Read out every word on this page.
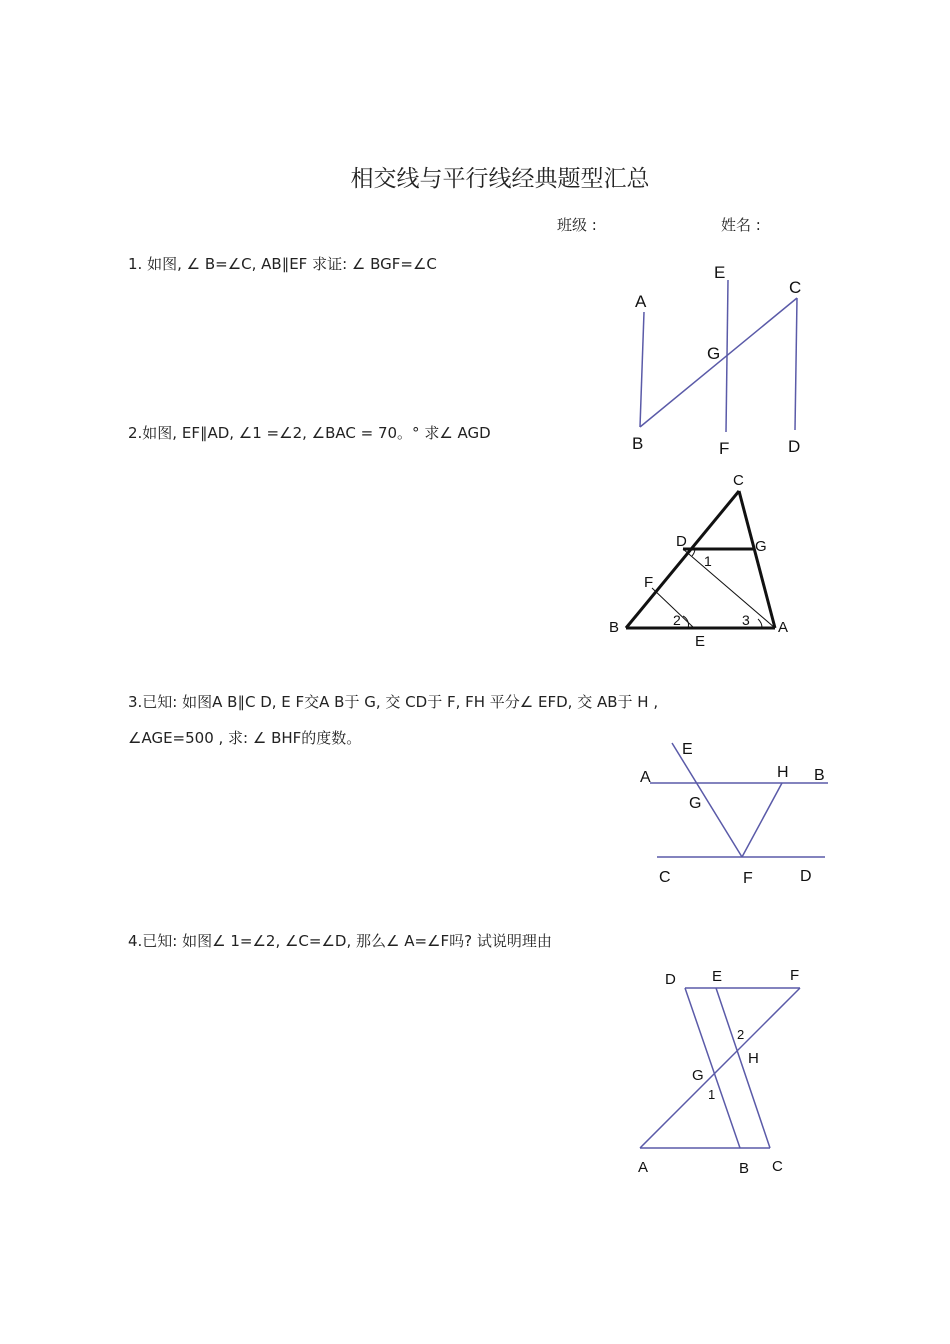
相交线与平行线经典题型汇总
班级 :	姓名 :
1. 如图, ∠ B=∠C, AB∥EF 求证: ∠ BGF=∠C
2.如图, EF∥AD, ∠1 =∠2, ∠BAC = 70。° 求∠ AGD
3.已知: 如图A B∥C D, E F交A B于 G, 交 CD于 F, FH 平分∠ EFD, 交 AB于 H ,
∠AGE=500 , 求: ∠ BHF的度数。
4.已知: 如图∠ 1=∠2, ∠C=∠D, 那么∠ A=∠F吗? 试说明理由
A
B
C
D
E
F
G
C
D	G
F
B
E
A
1
2	3
E
A	H B
G
C	F	D
D E	F
2
H
G
1
A	B C
